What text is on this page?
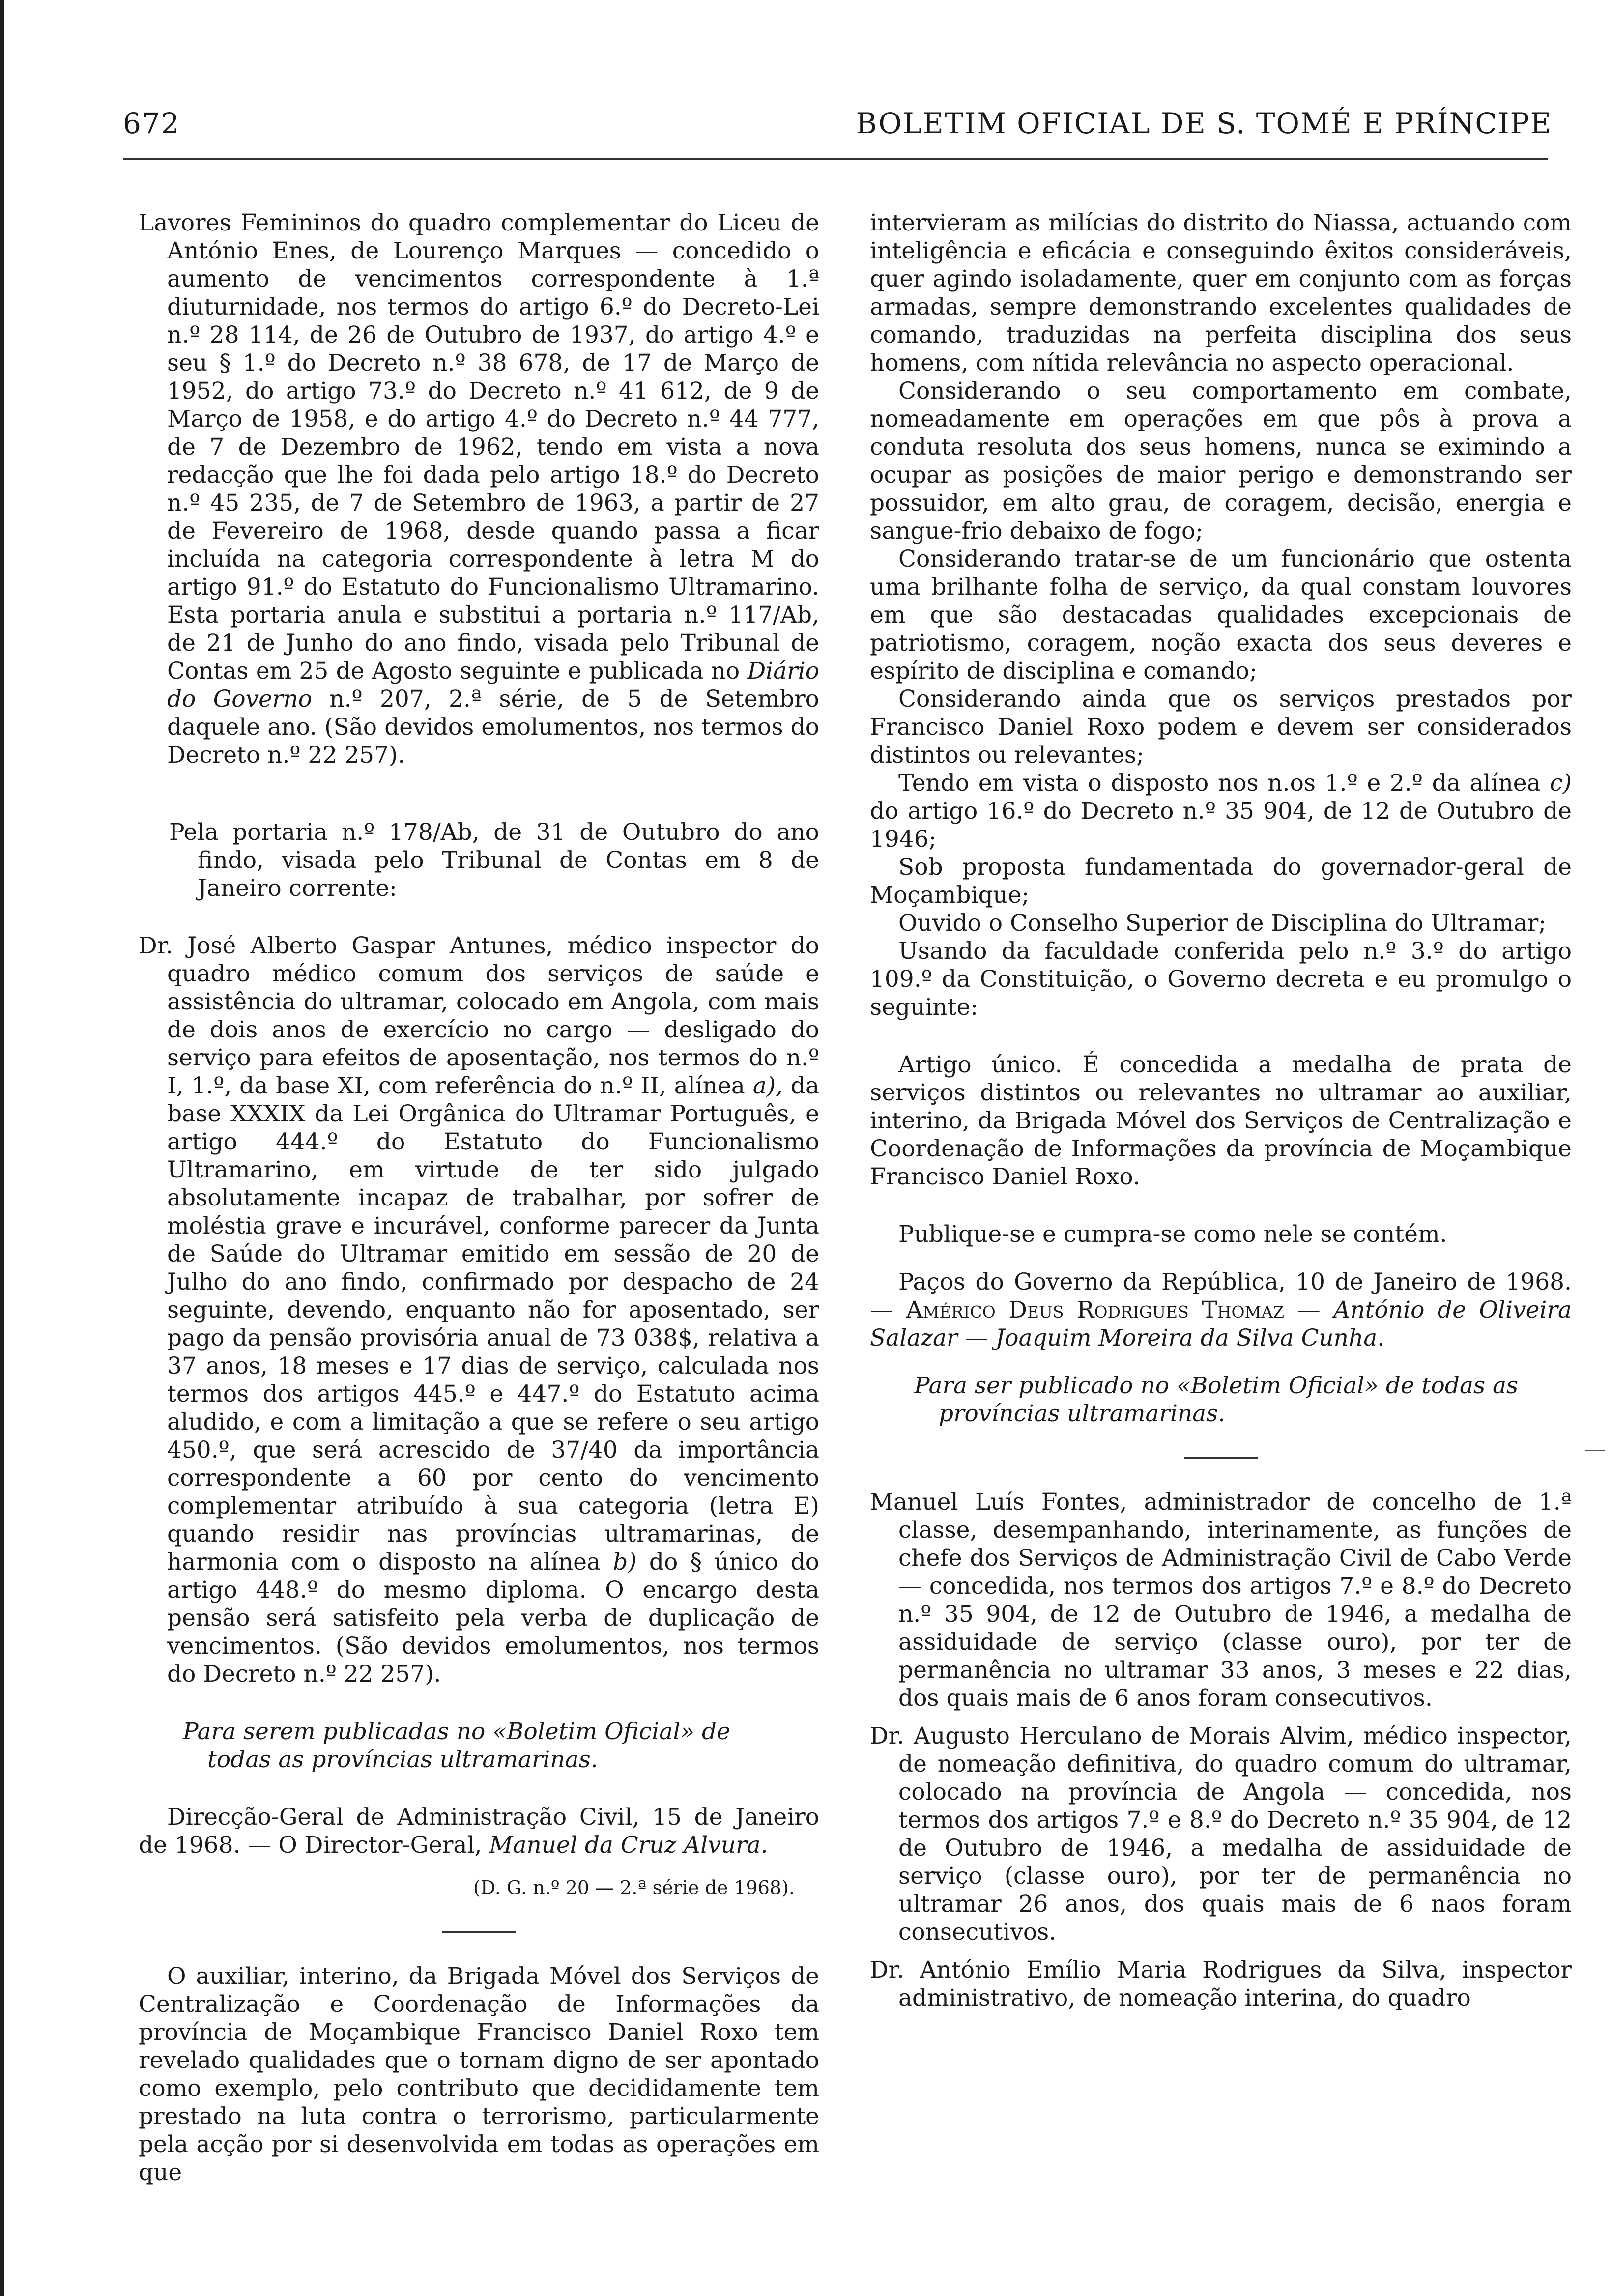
672	BOLETIM OFICIAL DE S. TOMÉ E PRÍNCIPE

Lavores Femininos do quadro complementar do Liceu de António Enes, de Lourenço Marques — concedido o aumento de vencimentos correspondente à 1.ª diuturnidade, nos termos do artigo 6.º do Decreto-Lei n.º 28 114, de 26 de Outubro de 1937, do artigo 4.º e seu § 1.º do Decreto n.º 38 678, de 17 de Março de 1952, do artigo 73.º do Decreto n.º 41 612, de 9 de Março de 1958, e do artigo 4.º do Decreto n.º 44 777, de 7 de Dezembro de 1962, tendo em vista a nova redacção que lhe foi dada pelo artigo 18.º do Decreto n.º 45 235, de 7 de Setembro de 1963, a partir de 27 de Fevereiro de 1968, desde quando passa a ficar incluída na categoria correspondente à letra M do artigo 91.º do Estatuto do Funcionalismo Ultramarino. Esta portaria anula e substitui a portaria n.º 117/Ab, de 21 de Junho do ano findo, visada pelo Tribunal de Contas em 25 de Agosto seguinte e publicada no Diário do Governo n.º 207, 2.ª série, de 5 de Setembro daquele ano. (São devidos emolumentos, nos termos do Decreto n.º 22 257).

Pela portaria n.º 178/Ab, de 31 de Outubro do ano findo, visada pelo Tribunal de Contas em 8 de Janeiro corrente:

Dr. José Alberto Gaspar Antunes, médico inspector do quadro médico comum dos serviços de saúde e assistência do ultramar, colocado em Angola, com mais de dois anos de exercício no cargo — desligado do serviço para efeitos de aposentação, nos termos do n.º I, 1.º, da base XI, com referência do n.º II, alínea a), da base XXXIX da Lei Orgânica do Ultramar Português, e artigo 444.º do Estatuto do Funcionalismo Ultramarino, em virtude de ter sido julgado absolutamente incapaz de trabalhar, por sofrer de moléstia grave e incurável, conforme parecer da Junta de Saúde do Ultramar emitido em sessão de 20 de Julho do ano findo, confirmado por despacho de 24 seguinte, devendo, enquanto não for aposentado, ser pago da pensão provisória anual de 73 038$, relativa a 37 anos, 18 meses e 17 dias de serviço, calculada nos termos dos artigos 445.º e 447.º do Estatuto acima aludido, e com a limitação a que se refere o seu artigo 450.º, que será acrescido de 37/40 da importância correspondente a 60 por cento do vencimento complementar atribuído à sua categoria (letra E) quando residir nas províncias ultramarinas, de harmonia com o disposto na alínea b) do § único do artigo 448.º do mesmo diploma. O encargo desta pensão será satisfeito pela verba de duplicação de vencimentos. (São devidos emolumentos, nos termos do Decreto n.º 22 257).

Para serem publicadas no «Boletim Oficial» de todas as províncias ultramarinas.

Direcção-Geral de Administração Civil, 15 de Janeiro de 1968. — O Director-Geral, Manuel da Cruz Alvura.

(D. G. n.º 20 — 2.ª série de 1968).

O auxiliar, interino, da Brigada Móvel dos Serviços de Centralização e Coordenação de Informações da província de Moçambique Francisco Daniel Roxo tem revelado qualidades que o tornam digno de ser apontado como exemplo, pelo contributo que decididamente tem prestado na luta contra o terrorismo, particularmente pela acção por si desenvolvida em todas as operações em que

intervieram as milícias do distrito do Niassa, actuando com inteligência e eficácia e conseguindo êxitos consideráveis, quer agindo isoladamente, quer em conjunto com as forças armadas, sempre demonstrando excelentes qualidades de comando, traduzidas na perfeita disciplina dos seus homens, com nítida relevância no aspecto operacional.

Considerando o seu comportamento em combate, nomeadamente em operações em que pôs à prova a conduta resoluta dos seus homens, nunca se eximindo a ocupar as posições de maior perigo e demonstrando ser possuidor, em alto grau, de coragem, decisão, energia e sangue-frio debaixo de fogo;

Considerando tratar-se de um funcionário que ostenta uma brilhante folha de serviço, da qual constam louvores em que são destacadas qualidades excepcionais de patriotismo, coragem, noção exacta dos seus deveres e espírito de disciplina e comando;

Considerando ainda que os serviços prestados por Francisco Daniel Roxo podem e devem ser considerados distintos ou relevantes;

Tendo em vista o disposto nos n.os 1.º e 2.º da alínea c) do artigo 16.º do Decreto n.º 35 904, de 12 de Outubro de 1946;

Sob proposta fundamentada do governador-geral de Moçambique;

Ouvido o Conselho Superior de Disciplina do Ultramar;

Usando da faculdade conferida pelo n.º 3.º do artigo 109.º da Constituição, o Governo decreta e eu promulgo o seguinte:

Artigo único. É concedida a medalha de prata de serviços distintos ou relevantes no ultramar ao auxiliar, interino, da Brigada Móvel dos Serviços de Centralização e Coordenação de Informações da província de Moçambique Francisco Daniel Roxo.

Publique-se e cumpra-se como nele se contém.

Paços do Governo da República, 10 de Janeiro de 1968. — Américo Deus Rodrigues Thomaz — António de Oliveira Salazar — Joaquim Moreira da Silva Cunha.

Para ser publicado no «Boletim Oficial» de todas as províncias ultramarinas.

Manuel Luís Fontes, administrador de concelho de 1.ª classe, desempanhando, interinamente, as funções de chefe dos Serviços de Administração Civil de Cabo Verde — concedida, nos termos dos artigos 7.º e 8.º do Decreto n.º 35 904, de 12 de Outubro de 1946, a medalha de assiduidade de serviço (classe ouro), por ter de permanência no ultramar 33 anos, 3 meses e 22 dias, dos quais mais de 6 anos foram consecutivos.

Dr. Augusto Herculano de Morais Alvim, médico inspector, de nomeação definitiva, do quadro comum do ultramar, colocado na província de Angola — concedida, nos termos dos artigos 7.º e 8.º do Decreto n.º 35 904, de 12 de Outubro de 1946, a medalha de assiduidade de serviço (classe ouro), por ter de permanência no ultramar 26 anos, dos quais mais de 6 naos foram consecutivos.

Dr. António Emílio Maria Rodrigues da Silva, inspector administrativo, de nomeação interina, do quadro
